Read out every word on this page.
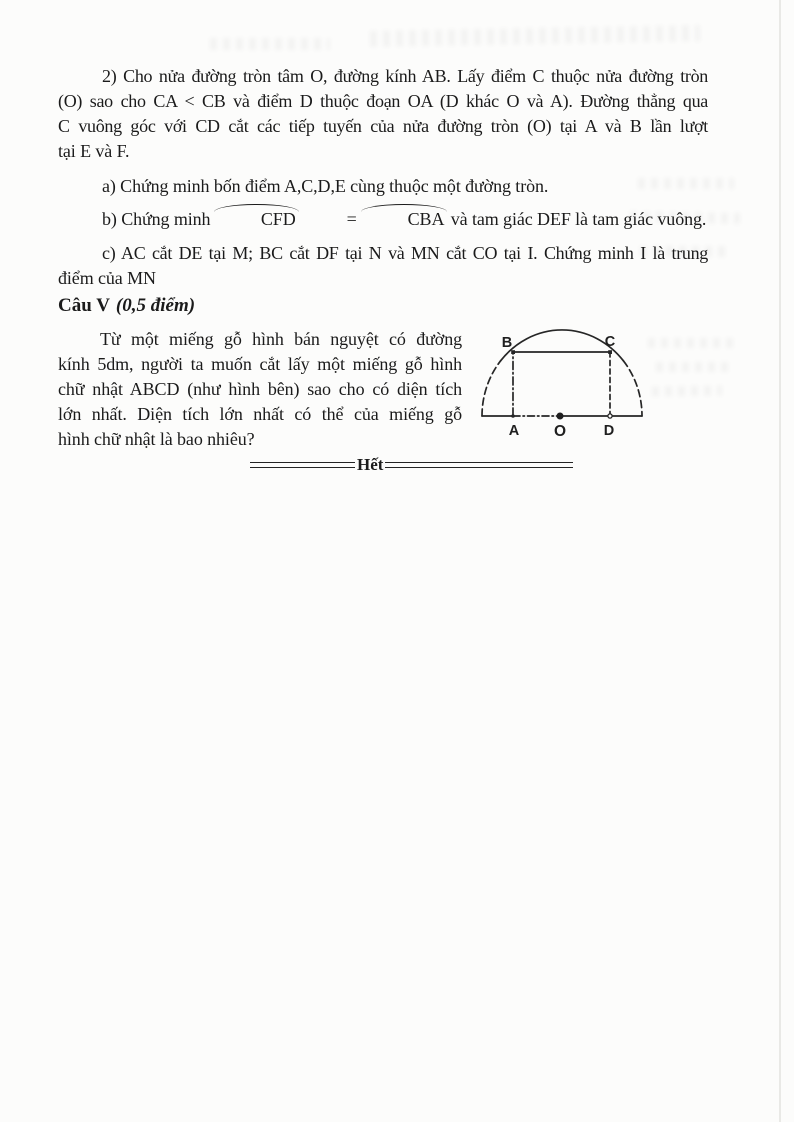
2) Cho nửa đường tròn tâm O, đường kính AB. Lấy điểm C thuộc nửa đường tròn
(O) sao cho CA < CB và điểm D thuộc đoạn OA (D khác O và A). Đường thẳng qua
C vuông góc với CD cắt các tiếp tuyến của nửa đường tròn (O) tại A và B lần lượt
tại E và F.
a) Chứng minh bốn điểm A,C,D,E cùng thuộc một đường tròn.
b) Chứng minh	CFD	=	CBA và tam giác DEF là tam giác vuông.
c) AC cắt DE tại M; BC cắt DF tại N và MN cắt CO tại I. Chứng minh I là trung
điểm của MN
Câu V (0,5 điểm)
Từ một miếng gỗ hình bán nguyệt có đường
kính 5dm, người ta muốn cắt lấy một miếng gỗ hình
chữ nhật ABCD (như hình bên) sao cho có diện tích
lớn nhất. Diện tích lớn nhất có thể của miếng gỗ
hình chữ nhật là bao nhiêu?
B	C
A O	D
Hết
